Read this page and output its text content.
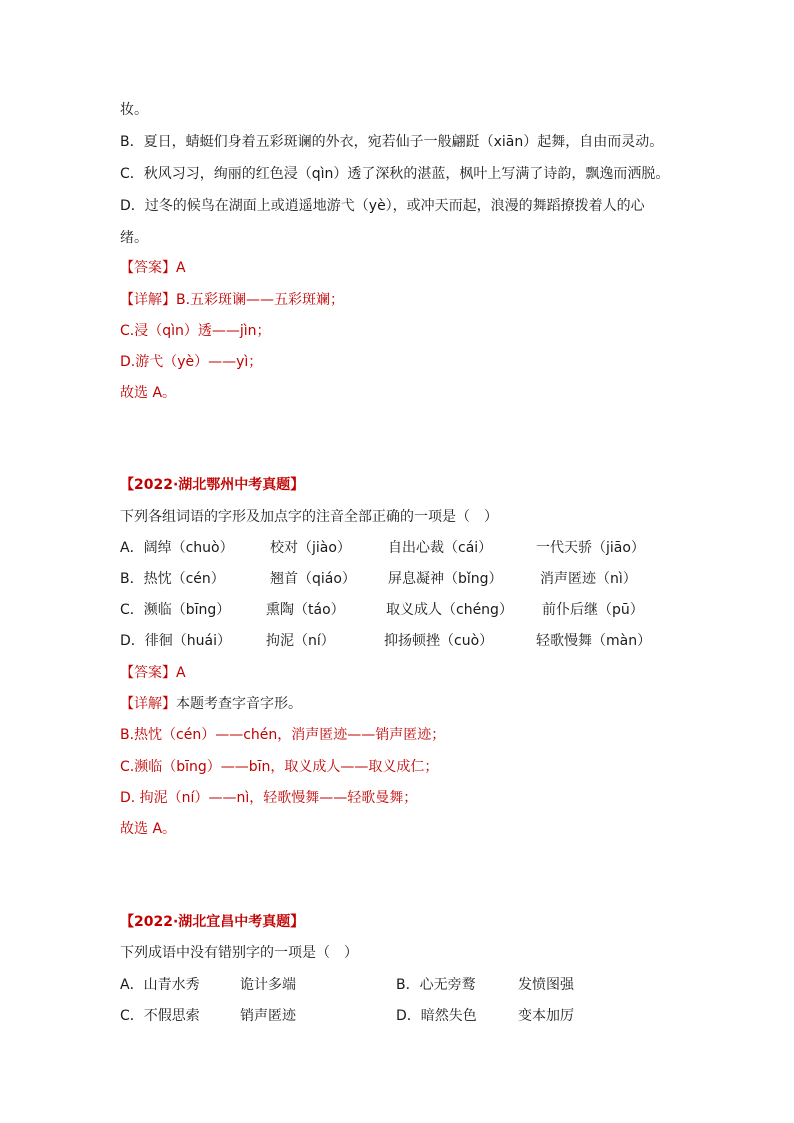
妆。
B．夏日，蜻蜓们身着五彩斑谰的外衣，宛若仙子一般翩跹（xiān）起舞，自由而灵动。
C．秋风习习，绚丽的红色浸（qìn）透了深秋的湛蓝，枫叶上写满了诗韵，飘逸而洒脱。
D．过冬的候鸟在湖面上或逍遥地游弋（yè），或冲天而起，浪漫的舞蹈撩拨着人的心
绪。
【答案】A
【详解】B.五彩斑谰——五彩斑斓；
C.浸（qìn）透——jìn；
D.游弋（yè）——yì；
故选 A。
【2022·湖北鄂州中考真题】
下列各组词语的字形及加点字的注音全部正确的一项是（　）
A．阔绰（chuò）	校对（jiào）	自出心裁（cái）	一代天骄（jiāo）
B．热忱（cén）	翘首（qiáo） 屏息凝神（bǐng）	消声匿迹（nì）
C．濒临（bīng）	熏陶（táo）	取义成人（chéng） 前仆后继（pū）
D．徘徊（huái）	拘泥（ní）	抑扬顿挫（cuò）	轻歌慢舞（màn）
【答案】A
【详解】本题考查字音字形。
B.热忱（cén）——chén，消声匿迹——销声匿迹；
C.濒临（bīng）——bīn，取义成人——取义成仁；
D. 拘泥（ní）——nì，轻歌慢舞——轻歌曼舞；
故选 A。
【2022·湖北宜昌中考真题】
下列成语中没有错别字的一项是（　）
A．山青水秀	诡计多端	B．心无旁鹜	发愤图强
C．不假思索	销声匿迹	D．暗然失色	变本加厉
